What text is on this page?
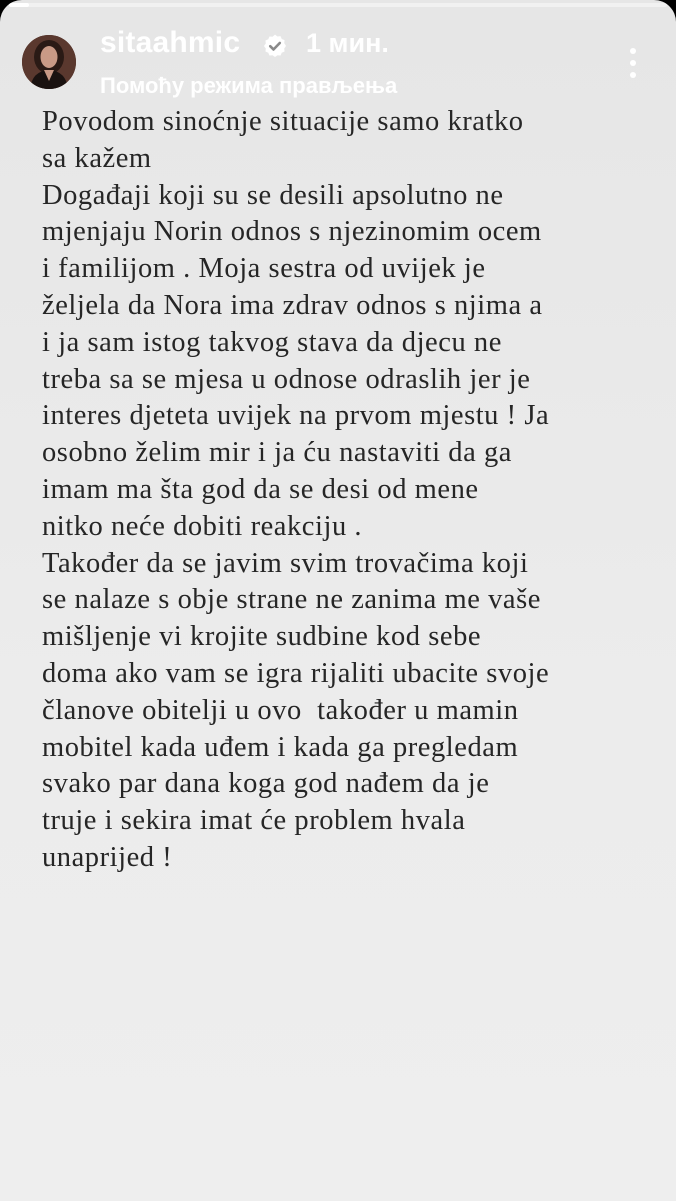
sitaahmic 1 мин.
Помоћу режима прављења
Povodom sinoćnje situacije samo kratko
sa kažem
Događaji koji su se desili apsolutno ne
mjenjaju Norin odnos s njezinomim ocem
i familijom . Moja sestra od uvijek je
željela da Nora ima zdrav odnos s njima a
i ja sam istog takvog stava da djecu ne
treba sa se mjesa u odnose odraslih jer je
interes djeteta uvijek na prvom mjestu ! Ja
osobno želim mir i ja ću nastaviti da ga
imam ma šta god da se desi od mene
nitko neće dobiti reakciju .
Također da se javim svim trovačima koji
se nalaze s obje strane ne zanima me vaše
mišljenje vi krojite sudbine kod sebe
doma ako vam se igra rijaliti ubacite svoje
članove obitelji u ovo  također u mamin
mobitel kada uđem i kada ga pregledam
svako par dana koga god nađem da je
truje i sekira imat će problem hvala
unaprijed !
